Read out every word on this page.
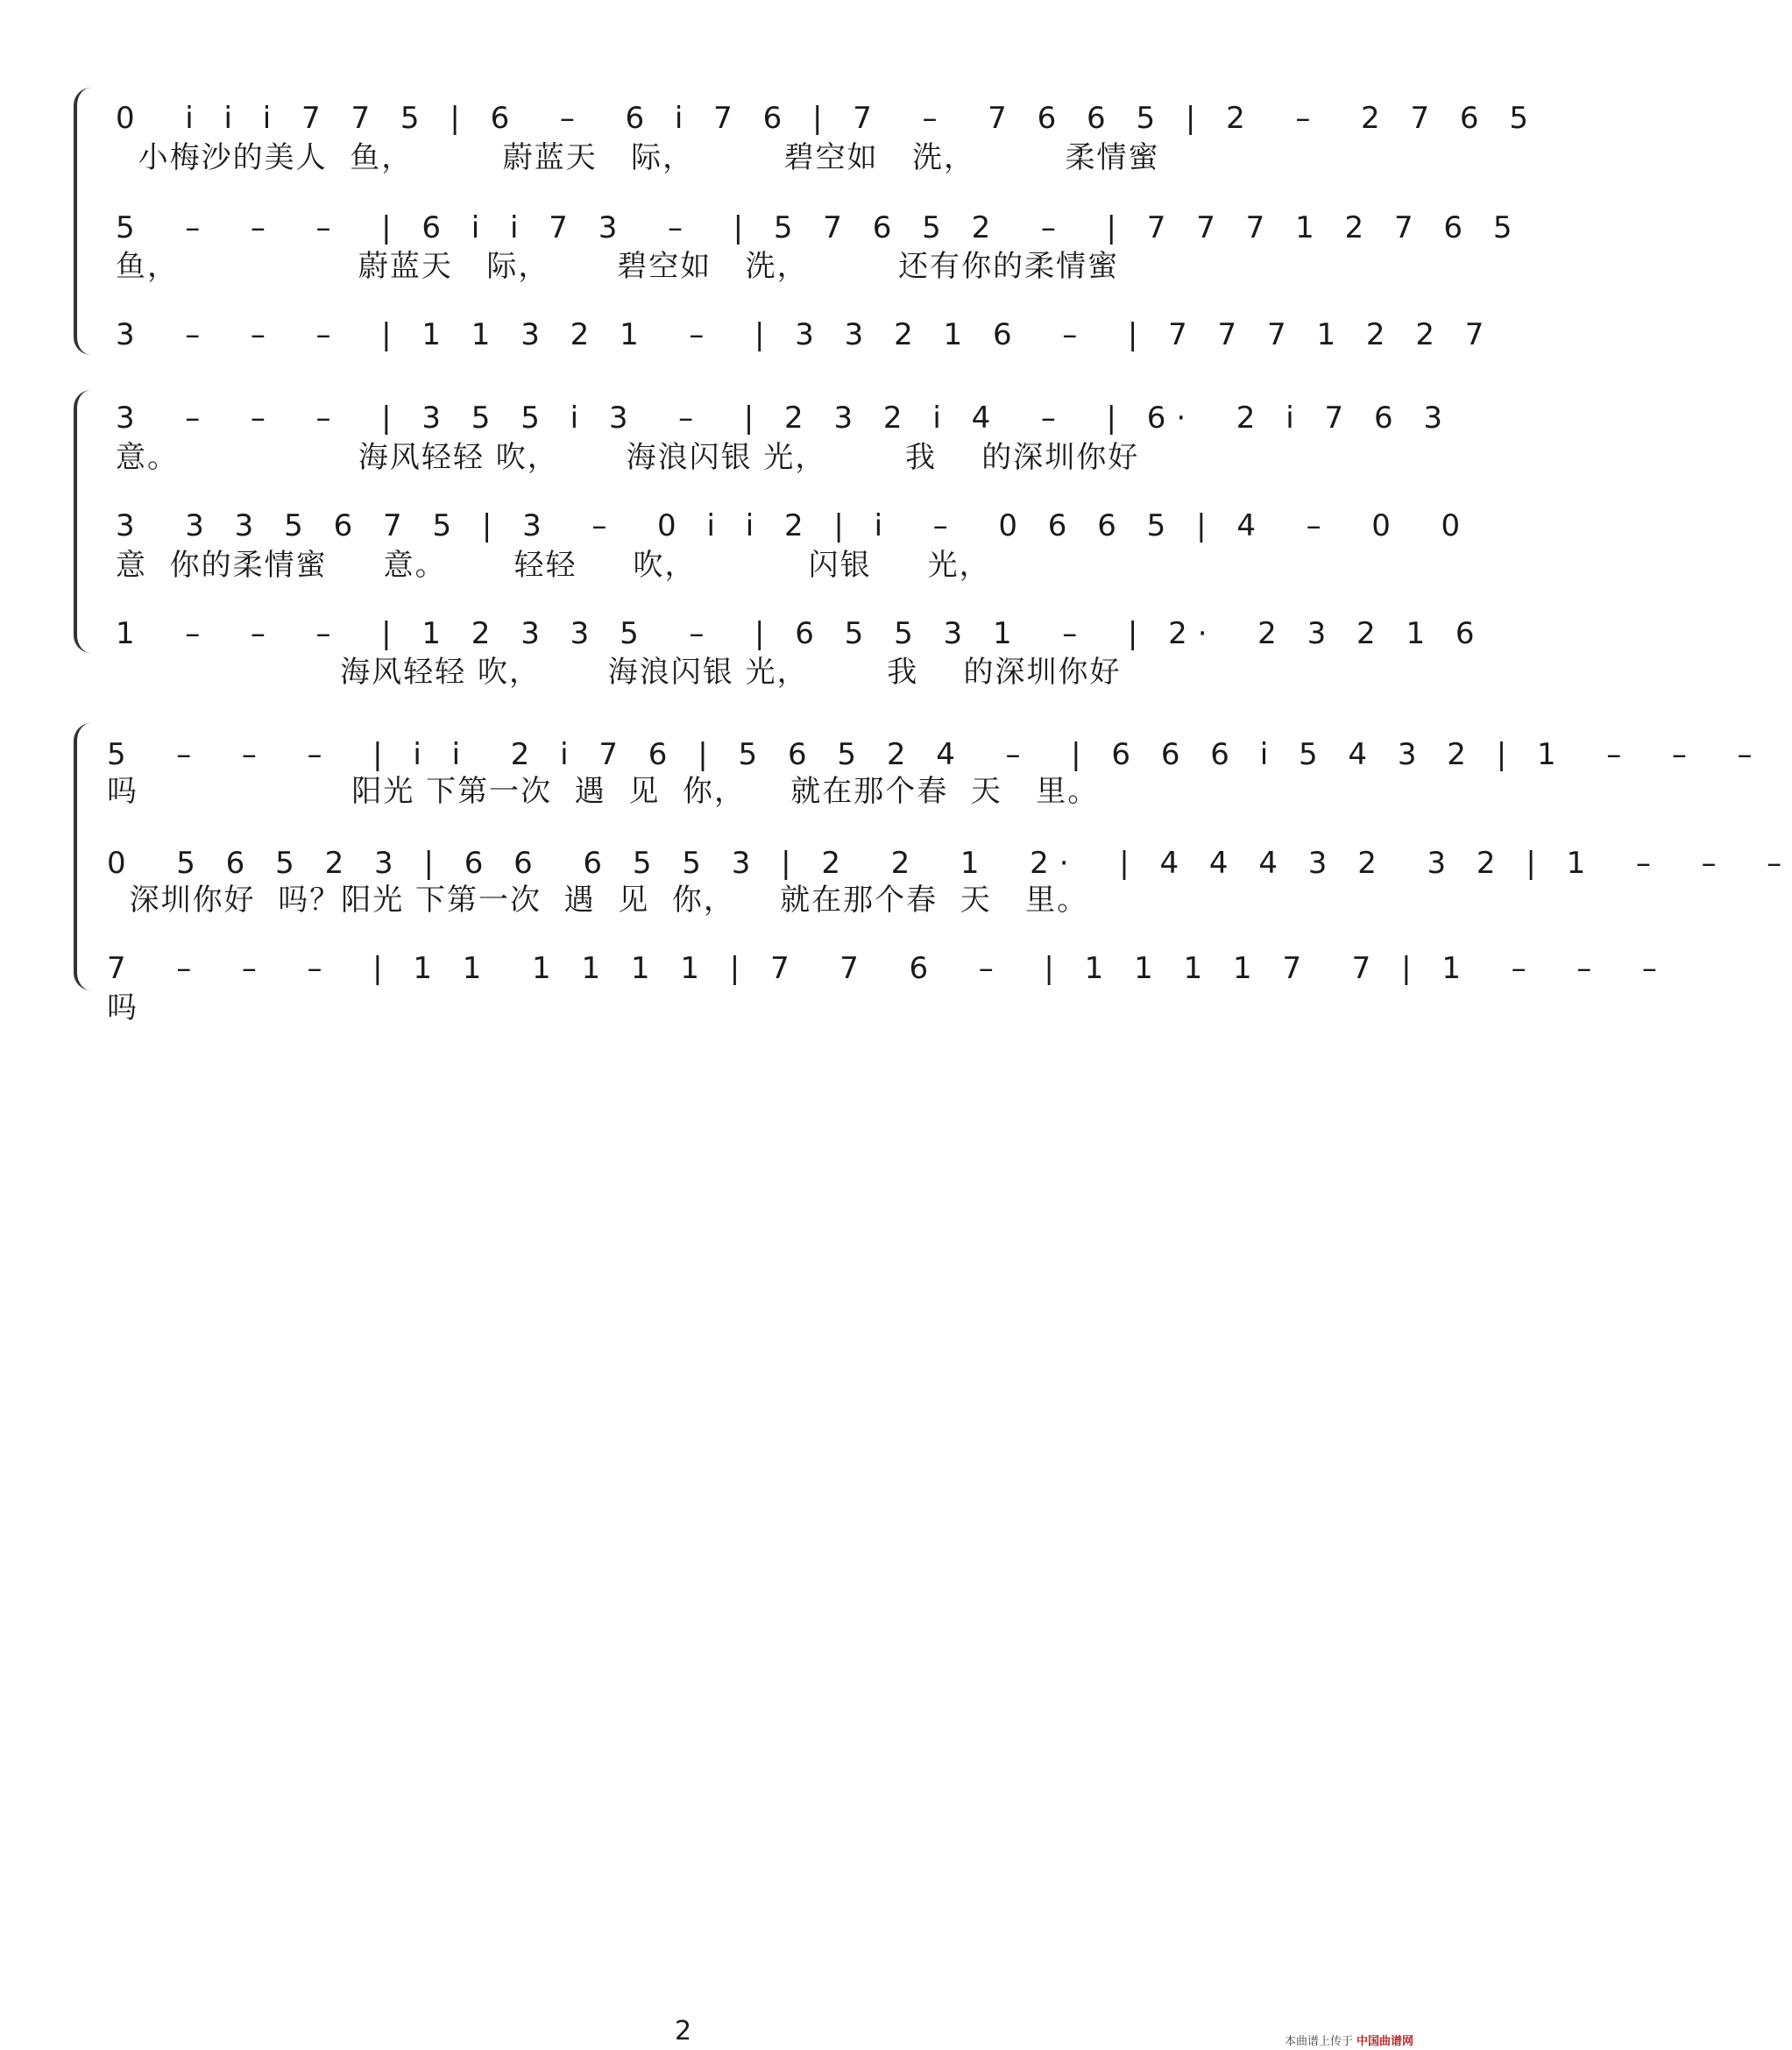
0  i i i 7 7 5 | 6  –  6 i 7 6 | 7  –  7 6 6 5 | 2  –  2 7 6 5
小梅沙的美人  鱼，        蔚蓝天   际，        碧空如   洗，        柔情蜜
5  –  –  –  | 6 i i 7 3  –  | 5 7 6 5 2  –  | 7 7 7 1 2 7 6 5
鱼，                蔚蓝天   际，      碧空如   洗，        还有你的柔情蜜
3  –  –  –  | 1 1 3 2 1  –  | 3 3 2 1 6  –  | 7 7 7 1 2 2 7
3  –  –  –  | 3 5 5 i 3  –  | 2 3 2 i 4  –  | 6·  2 i 7 6 3
意。                海风轻轻 吹，      海浪闪银 光，       我    的深圳你好
3  3 3 5 6 7 5 | 3  –  0 i i 2 | i  –  0 6 6 5 | 4  –  0  0
意  你的柔情蜜     意。      轻轻     吹，          闪银     光，
1  –  –  –  | 1 2 3 3 5  –  | 6 5 5 3 1  –  | 2·  2 3 2 1 6
海风轻轻 吹，      海浪闪银 光，       我    的深圳你好
5  –  –  –  | i i  2 i 7 6 | 5 6 5 2 4  –  | 6 6 6 i 5 4 3 2 | 1  –  –  –
吗                   阳光 下第一次  遇  见  你，    就在那个春  天   里。
0  5 6 5 2 3 | 6 6  6 5 5 3 | 2  2  1  2·  | 4 4 4 3 2  3 2 | 1  –  –  –
深圳你好  吗？阳光 下第一次  遇  见  你，    就在那个春  天   里。
7  –  –  –  | 1 1  1 1 1 1 | 7  7  6  –  | 1 1 1 1 7  7 | 1  –  –  –
吗
2	本曲谱上传于 中国曲谱网
